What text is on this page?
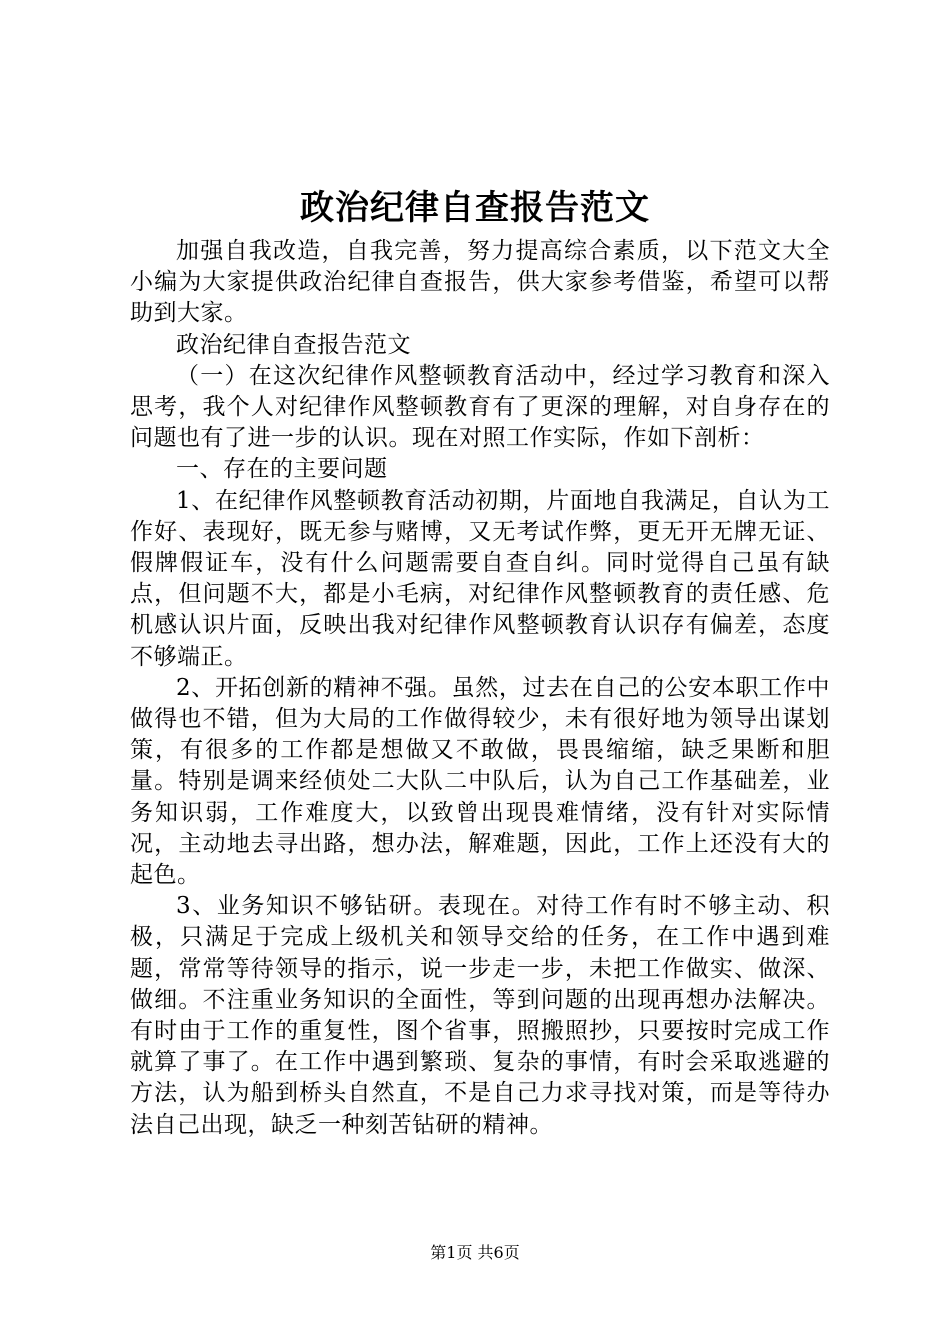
政治纪律自查报告范文

加强自我改造，自我完善，努力提高综合素质，以下范文大全小编为大家提供政治纪律自查报告，供大家参考借鉴，希望可以帮助到大家。

政治纪律自查报告范文

（一）在这次纪律作风整顿教育活动中，经过学习教育和深入思考，我个人对纪律作风整顿教育有了更深的理解，对自身存在的问题也有了进一步的认识。现在对照工作实际，作如下剖析：

一、存在的主要问题

1、在纪律作风整顿教育活动初期，片面地自我满足，自认为工作好、表现好，既无参与赌博，又无考试作弊，更无开无牌无证、假牌假证车，没有什么问题需要自查自纠。同时觉得自己虽有缺点，但问题不大，都是小毛病，对纪律作风整顿教育的责任感、危机感认识片面，反映出我对纪律作风整顿教育认识存有偏差，态度不够端正。

2、开拓创新的精神不强。虽然，过去在自己的公安本职工作中做得也不错，但为大局的工作做得较少，未有很好地为领导出谋划策，有很多的工作都是想做又不敢做，畏畏缩缩，缺乏果断和胆量。特别是调来经侦处二大队二中队后，认为自己工作基础差，业务知识弱，工作难度大，以致曾出现畏难情绪，没有针对实际情况，主动地去寻出路，想办法，解难题，因此，工作上还没有大的起色。

3、业务知识不够钻研。表现在。对待工作有时不够主动、积极，只满足于完成上级机关和领导交给的任务，在工作中遇到难题，常常等待领导的指示，说一步走一步，未把工作做实、做深、做细。不注重业务知识的全面性，等到问题的出现再想办法解决。有时由于工作的重复性，图个省事，照搬照抄，只要按时完成工作就算了事了。在工作中遇到繁琐、复杂的事情，有时会采取逃避的方法，认为船到桥头自然直，不是自己力求寻找对策，而是等待办法自己出现，缺乏一种刻苦钻研的精神。

第1页 共6页
